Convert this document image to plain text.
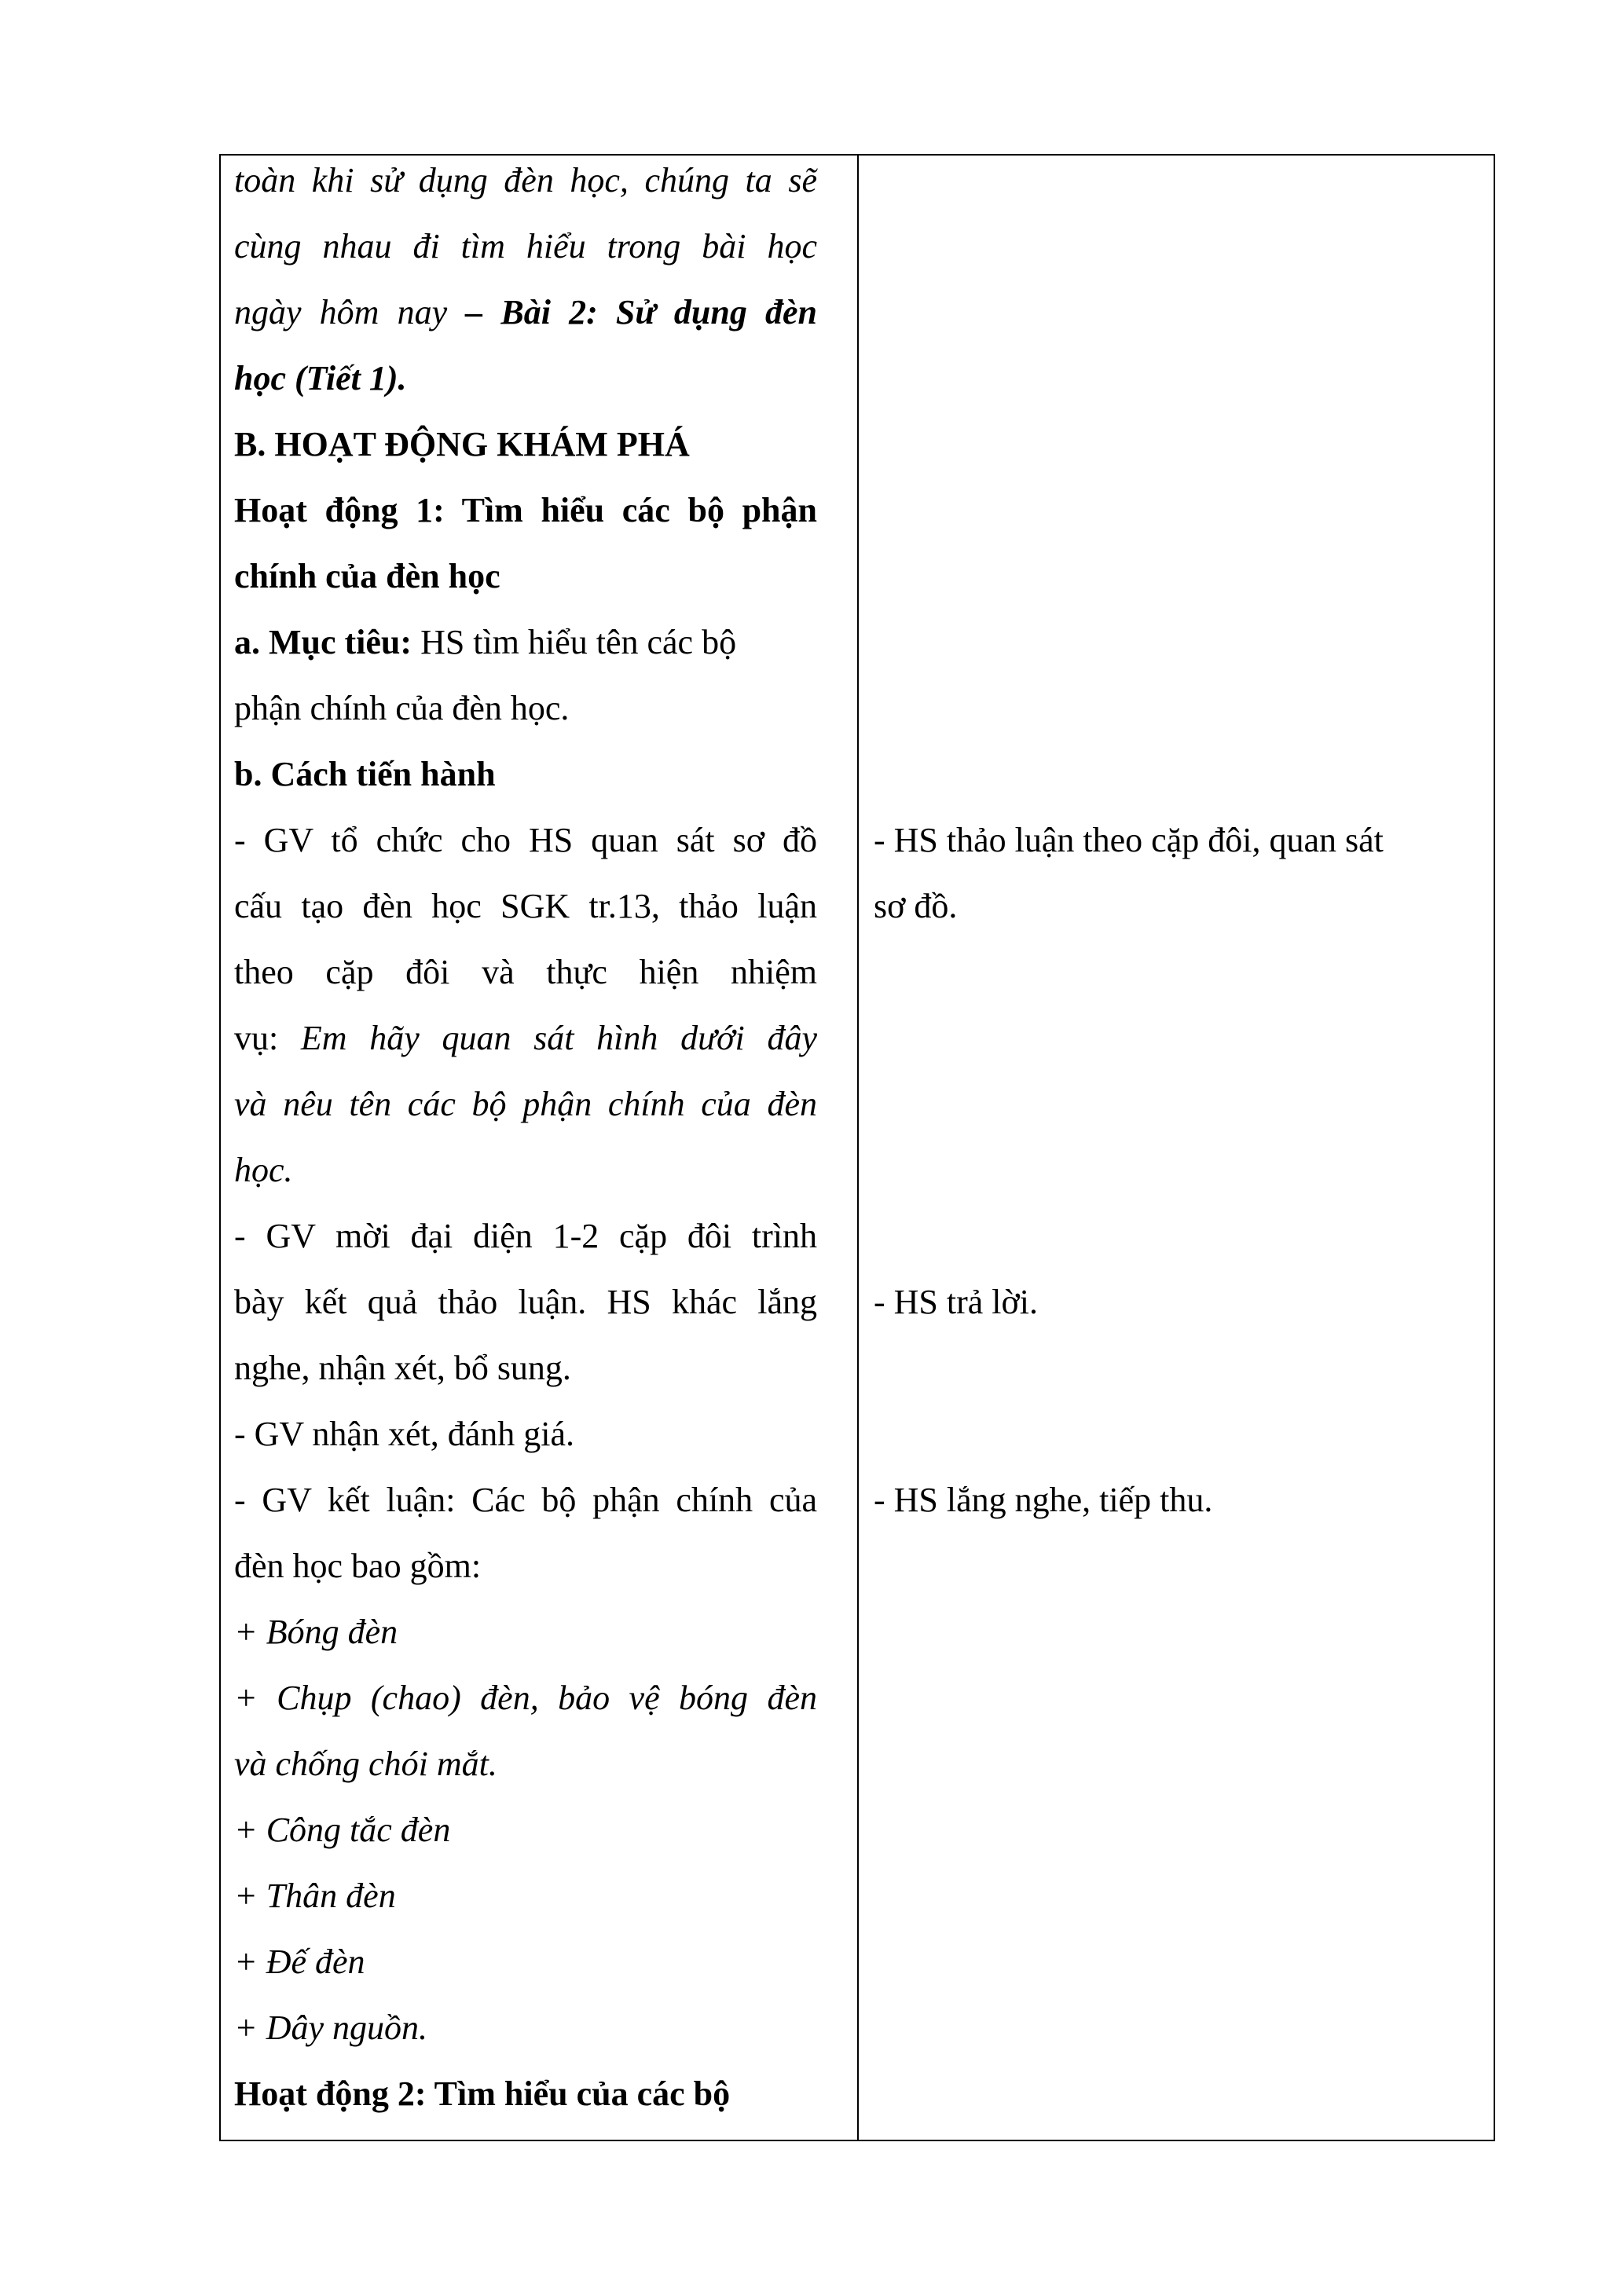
toàn khi sử dụng đèn học, chúng ta sẽ
cùng nhau đi tìm hiểu trong bài học
ngày hôm nay – Bài 2: Sử dụng đèn
học (Tiết 1).
B. HOẠT ĐỘNG KHÁM PHÁ
Hoạt động 1: Tìm hiểu các bộ phận
chính của đèn học
a. Mục tiêu: HS tìm hiểu tên các bộ
phận chính của đèn học.
b. Cách tiến hành
- GV tổ chức cho HS quan sát sơ đồ
cấu tạo đèn học SGK tr.13, thảo luận
theo cặp đôi và thực hiện nhiệm
vụ: Em hãy quan sát hình dưới đây
và nêu tên các bộ phận chính của đèn
học.
- GV mời đại diện 1-2 cặp đôi trình
bày kết quả thảo luận. HS khác lắng
nghe, nhận xét, bổ sung.
- GV nhận xét, đánh giá.
- GV kết luận: Các bộ phận chính của
đèn học bao gồm:
+ Bóng đèn
+ Chụp (chao) đèn, bảo vệ bóng đèn
và chống chói mắt.
+ Công tắc đèn
+ Thân đèn
+ Đế đèn
+ Dây nguồn.
Hoạt động 2: Tìm hiểu của các bộ
- HS thảo luận theo cặp đôi, quan sát
sơ đồ.
- HS trả lời.
- HS lắng nghe, tiếp thu.
